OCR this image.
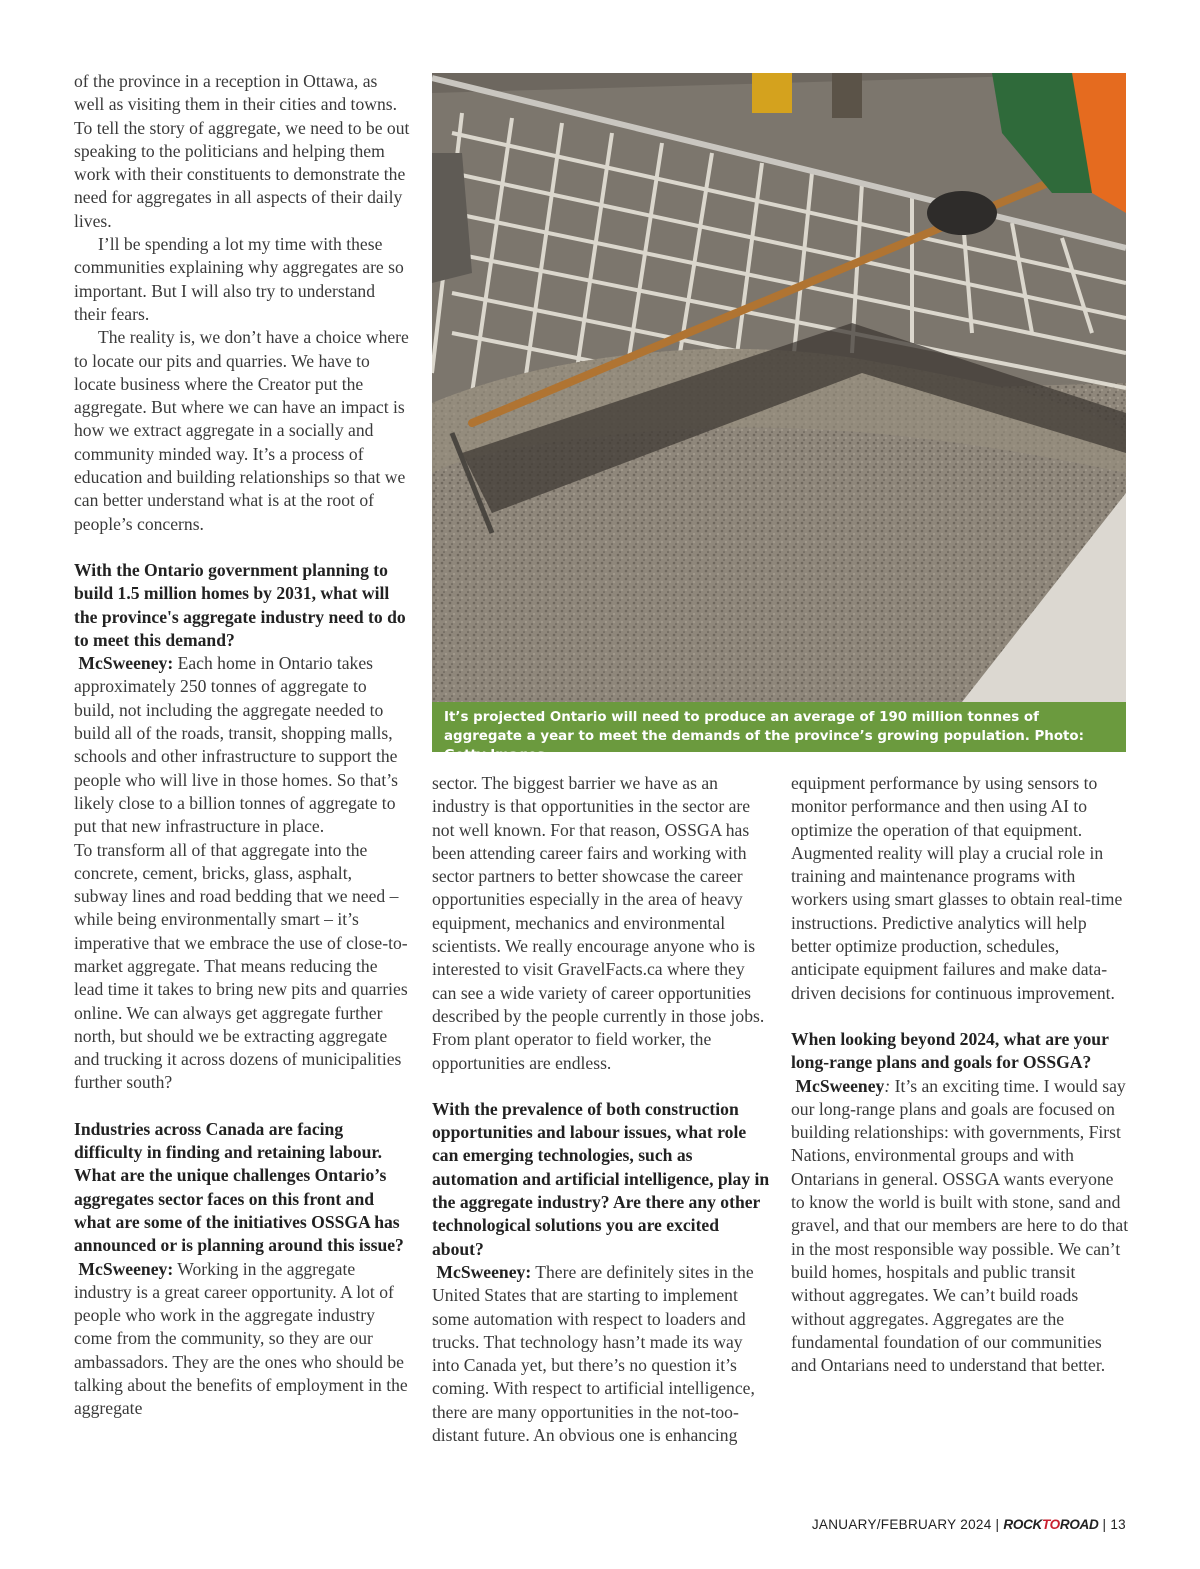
of the province in a reception in Ottawa, as well as visiting them in their cities and towns. To tell the story of aggregate, we need to be out speaking to the politicians and helping them work with their constituents to demonstrate the need for aggregates in all aspects of their daily lives.

I’ll be spending a lot my time with these communities explaining why aggregates are so important. But I will also try to understand their fears.

The reality is, we don’t have a choice where to locate our pits and quarries. We have to locate business where the Creator put the aggregate. But where we can have an impact is how we extract aggregate in a socially and community minded way. It’s a process of education and building relationships so that we can better understand what is at the root of people’s concerns.

With the Ontario government planning to build 1.5 million homes by 2031, what will the province's aggregate industry need to do to meet this demand?

McSweeney: Each home in Ontario takes approximately 250 tonnes of aggregate to build, not including the aggregate needed to build all of the roads, transit, shopping malls, schools and other infrastructure to support the people who will live in those homes. So that’s likely close to a billion tonnes of aggregate to put that new infrastructure in place.

To transform all of that aggregate into the concrete, cement, bricks, glass, asphalt, subway lines and road bedding that we need – while being environmentally smart – it’s imperative that we embrace the use of close-to-market aggregate. That means reducing the lead time it takes to bring new pits and quarries online. We can always get aggregate further north, but should we be extracting aggregate and trucking it across dozens of municipalities further south?

Industries across Canada are facing difficulty in finding and retaining labour. What are the unique challenges Ontario’s aggregates sector faces on this front and what are some of the initiatives OSSGA has announced or is planning around this issue?

McSweeney: Working in the aggregate industry is a great career opportunity. A lot of people who work in the aggregate industry come from the community, so they are our ambassadors. They are the ones who should be talking about the benefits of employment in the aggregate

It’s projected Ontario will need to produce an average of 190 million tonnes of aggregate a year to meet the demands of the province’s growing population. Photo: Getty Images

sector. The biggest barrier we have as an industry is that opportunities in the sector are not well known. For that reason, OSSGA has been attending career fairs and working with sector partners to better showcase the career opportunities especially in the area of heavy equipment, mechanics and environmental scientists. We really encourage anyone who is interested to visit GravelFacts.ca where they can see a wide variety of career opportunities described by the people currently in those jobs. From plant operator to field worker, the opportunities are endless.

With the prevalence of both construction opportunities and labour issues, what role can emerging technologies, such as automation and artificial intelligence, play in the aggregate industry? Are there any other technological solutions you are excited about?

McSweeney: There are definitely sites in the United States that are starting to implement some automation with respect to loaders and trucks. That technology hasn’t made its way into Canada yet, but there’s no question it’s coming. With respect to artificial intelligence, there are many opportunities in the not-too-distant future. An obvious one is enhancing

equipment performance by using sensors to monitor performance and then using AI to optimize the operation of that equipment. Augmented reality will play a crucial role in training and maintenance programs with workers using smart glasses to obtain real-time instructions. Predictive analytics will help better optimize production, schedules, anticipate equipment failures and make data-driven decisions for continuous improvement.

When looking beyond 2024, what are your long-range plans and goals for OSSGA?

McSweeney: It’s an exciting time. I would say our long-range plans and goals are focused on building relationships: with governments, First Nations, environmental groups and with Ontarians in general. OSSGA wants everyone to know the world is built with stone, sand and gravel, and that our members are here to do that in the most responsible way possible. We can’t build homes, hospitals and public transit without aggregates. We can’t build roads without aggregates. Aggregates are the fundamental foundation of our communities and Ontarians need to understand that better.

JANUARY/FEBRUARY 2024 | ROCKTOROAD | 13
